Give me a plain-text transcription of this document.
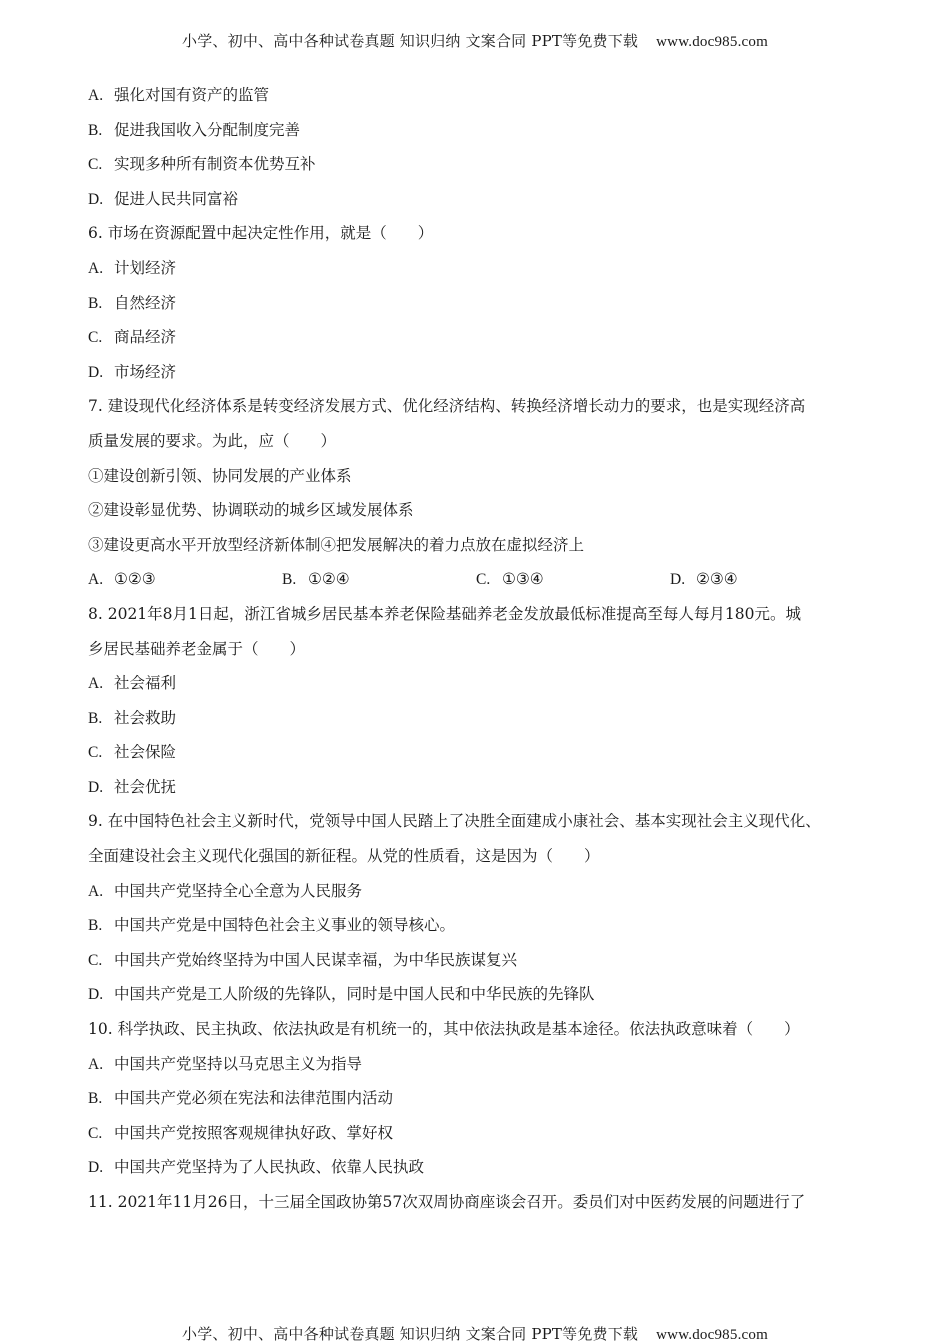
小学、初中、高中各种试卷真题 知识归纳 文案合同 PPT等免费下载 www.doc985.com
A. 强化对国有资产的监管
B. 促进我国收入分配制度完善
C. 实现多种所有制资本优势互补
D. 促进人民共同富裕
6. 市场在资源配置中起决定性作用，就是（　　）
A. 计划经济
B. 自然经济
C. 商品经济
D. 市场经济
7. 建设现代化经济体系是转变经济发展方式、优化经济结构、转换经济增长动力的要求，也是实现经济高
质量发展的要求。为此，应（　　）
①建设创新引领、协同发展的产业体系
②建设彰显优势、协调联动的城乡区域发展体系
③建设更高水平开放型经济新体制④把发展解决的着力点放在虚拟经济上
A. ①②③	B. ①②④	C. ①③④	D. ②③④
8. 2021年8月1日起，浙江省城乡居民基本养老保险基础养老金发放最低标准提高至每人每月180元。城
乡居民基础养老金属于（　　）
A. 社会福利
B. 社会救助
C. 社会保险
D. 社会优抚
9. 在中国特色社会主义新时代，党领导中国人民踏上了决胜全面建成小康社会、基本实现社会主义现代化、
全面建设社会主义现代化强国的新征程。从党的性质看，这是因为（　　）
A. 中国共产党坚持全心全意为人民服务
B. 中国共产党是中国特色社会主义事业的领导核心。
C. 中国共产党始终坚持为中国人民谋幸福，为中华民族谋复兴
D. 中国共产党是工人阶级的先锋队，同时是中国人民和中华民族的先锋队
10. 科学执政、民主执政、依法执政是有机统一的，其中依法执政是基本途径。依法执政意味着（　　）
A. 中国共产党坚持以马克思主义为指导
B. 中国共产党必须在宪法和法律范围内活动
C. 中国共产党按照客观规律执好政、掌好权
D. 中国共产党坚持为了人民执政、依靠人民执政
11. 2021年11月26日，十三届全国政协第57次双周协商座谈会召开。委员们对中医药发展的问题进行了
小学、初中、高中各种试卷真题 知识归纳 文案合同 PPT等免费下载 www.doc985.com
